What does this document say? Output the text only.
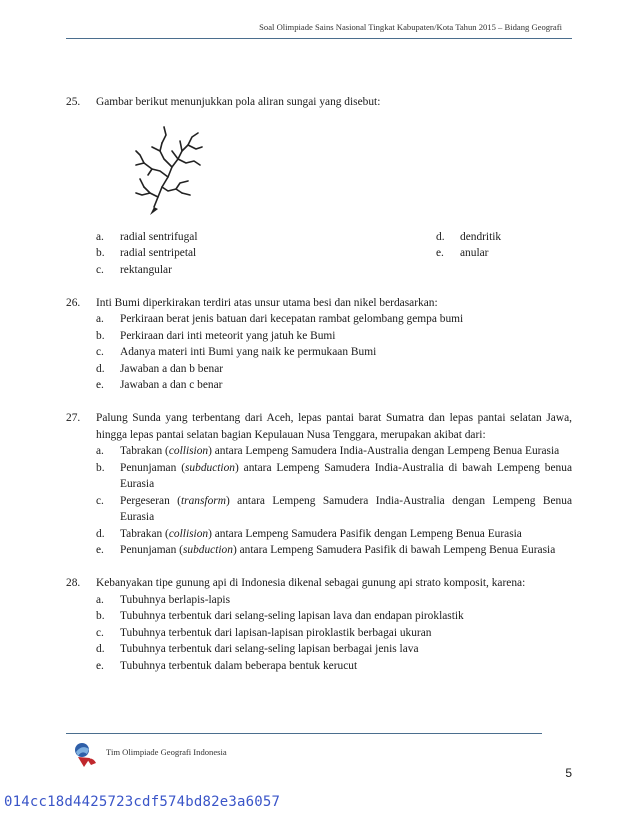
Soal Olimpiade Sains Nasional Tingkat Kabupaten/Kota Tahun 2015 – Bidang Geografi
25.	Gambar berikut menunjukkan pola aliran sungai yang disebut:
a.	radial sentrifugal
b.	radial sentripetal
c.	rektangular
d.	dendritik
e.	anular
26.	Inti Bumi diperkirakan terdiri atas unsur utama besi dan nikel berdasarkan:
a.	Perkiraan berat jenis batuan dari kecepatan rambat gelombang gempa bumi
b.	Perkiraan dari inti meteorit yang jatuh ke Bumi
c.	Adanya materi inti Bumi yang naik ke permukaan Bumi
d.	Jawaban a dan b benar
e.	Jawaban a dan c benar
27.	Palung Sunda yang terbentang dari Aceh, lepas pantai barat Sumatra dan lepas pantai selatan Jawa, hingga lepas pantai selatan bagian Kepulauan Nusa Tenggara, merupakan akibat dari:
a.	Tabrakan (collision) antara Lempeng Samudera India-Australia dengan Lempeng Benua Eurasia
b.	Penunjaman (subduction) antara Lempeng Samudera India-Australia di bawah Lempeng benua Eurasia
c.	Pergeseran (transform) antara Lempeng Samudera India-Australia dengan Lempeng Benua Eurasia
d.	Tabrakan (collision) antara Lempeng Samudera Pasifik dengan Lempeng Benua Eurasia
e.	Penunjaman (subduction) antara Lempeng Samudera Pasifik di bawah Lempeng Benua Eurasia
28.	Kebanyakan tipe gunung api di Indonesia dikenal sebagai gunung api strato komposit, karena:
a.	Tubuhnya berlapis-lapis
b.	Tubuhnya terbentuk dari selang-seling lapisan lava dan endapan piroklastik
c.	Tubuhnya terbentuk dari lapisan-lapisan piroklastik berbagai ukuran
d.	Tubuhnya terbentuk dari selang-seling lapisan berbagai jenis lava
e.	Tubuhnya terbentuk dalam beberapa bentuk kerucut
Tim Olimpiade Geografi Indonesia
5
014cc18d4425723cdf574bd82e3a6057
